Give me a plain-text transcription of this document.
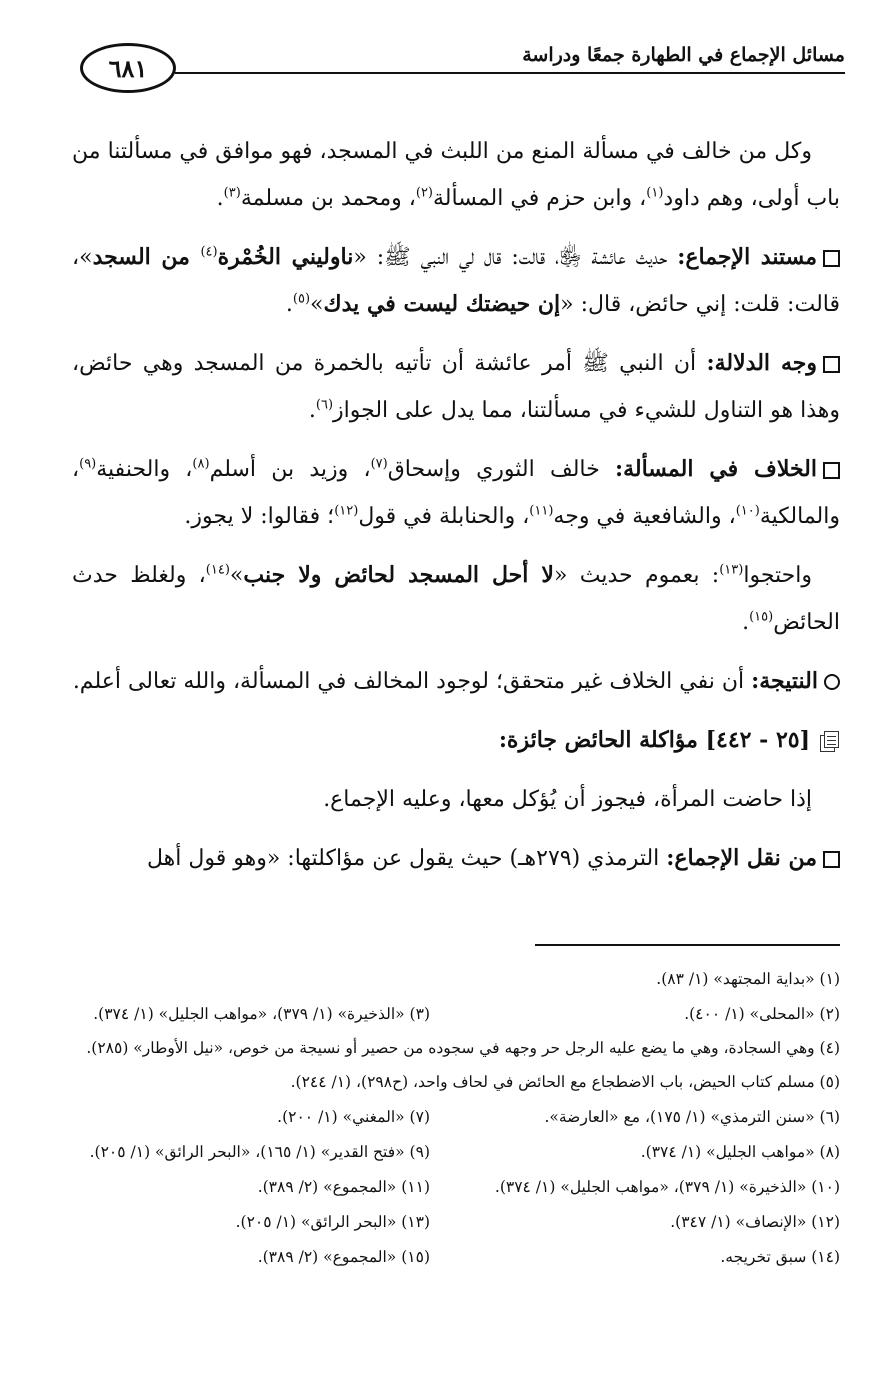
٦٨١	مسائل الإجماع في الطهارة جمعًا ودراسة

وكل من خالف في مسألة المنع من اللبث في المسجد، فهو موافق في مسألتنا من باب أولى، وهم داود$^{(١)}$، وابن حزم في المسألة$^{(٢)}$، ومحمد بن مسلمة$^{(٣)}$.

مستند الإجماع: حديث عائشة ﵂، قالت: قال لي النبي ﷺ: «ناوليني الخُمْرة$^{(٤)}$ من السجد»، قالت: قلت: إني حائض، قال: «إن حيضتك ليست في يدك»$^{(٥)}$.

وجه الدلالة: أن النبي ﷺ أمر عائشة أن تأتيه بالخمرة من المسجد وهي حائض، وهذا هو التناول للشيء في مسألتنا، مما يدل على الجواز$^{(٦)}$.

الخلاف في المسألة: خالف الثوري وإسحاق$^{(٧)}$، وزيد بن أسلم$^{(٨)}$، والحنفية$^{(٩)}$، والمالكية$^{(١٠)}$، والشافعية في وجه$^{(١١)}$، والحنابلة في قول$^{(١٢)}$؛ فقالوا: لا يجوز.

واحتجوا$^{(١٣)}$: بعموم حديث «لا أحل المسجد لحائض ولا جنب»$^{(١٤)}$، ولغلظ حدث الحائض$^{(١٥)}$.

النتيجة: أن نفي الخلاف غير متحقق؛ لوجود المخالف في المسألة، والله تعالى أعلم.

[٢٥ - ٤٤٢] مؤاكلة الحائض جائزة:

إذا حاضت المرأة، فيجوز أن يُؤكل معها، وعليه الإجماع.

من نقل الإجماع: الترمذي (٢٧٩هـ) حيث يقول عن مؤاكلتها: «وهو قول أهل

(١) «بداية المجتهد» (١/ ٨٣).
(٢) «المحلى» (١/ ٤٠٠).
(٣) «الذخيرة» (١/ ٣٧٩)، «مواهب الجليل» (١/ ٣٧٤).
(٤) وهي السجادة، وهي ما يضع عليه الرجل حر وجهه في سجوده من حصير أو نسيجة من خوص، «نيل الأوطار» (٢٨٥).
(٥) مسلم كتاب الحيض، باب الاضطجاع مع الحائض في لحاف واحد، (ح٢٩٨)، (١/ ٢٤٤).
(٦) «سنن الترمذي» (١/ ١٧٥)، مع «العارضة».
(٧) «المغني» (١/ ٢٠٠).
(٨) «مواهب الجليل» (١/ ٣٧٤).
(٩) «فتح القدير» (١/ ١٦٥)، «البحر الرائق» (١/ ٢٠٥).
(١٠) «الذخيرة» (١/ ٣٧٩)، «مواهب الجليل» (١/ ٣٧٤).
(١١) «المجموع» (٢/ ٣٨٩).
(١٢) «الإنصاف» (١/ ٣٤٧).
(١٣) «البحر الرائق» (١/ ٢٠٥).
(١٤) سبق تخريجه.
(١٥) «المجموع» (٢/ ٣٨٩).
